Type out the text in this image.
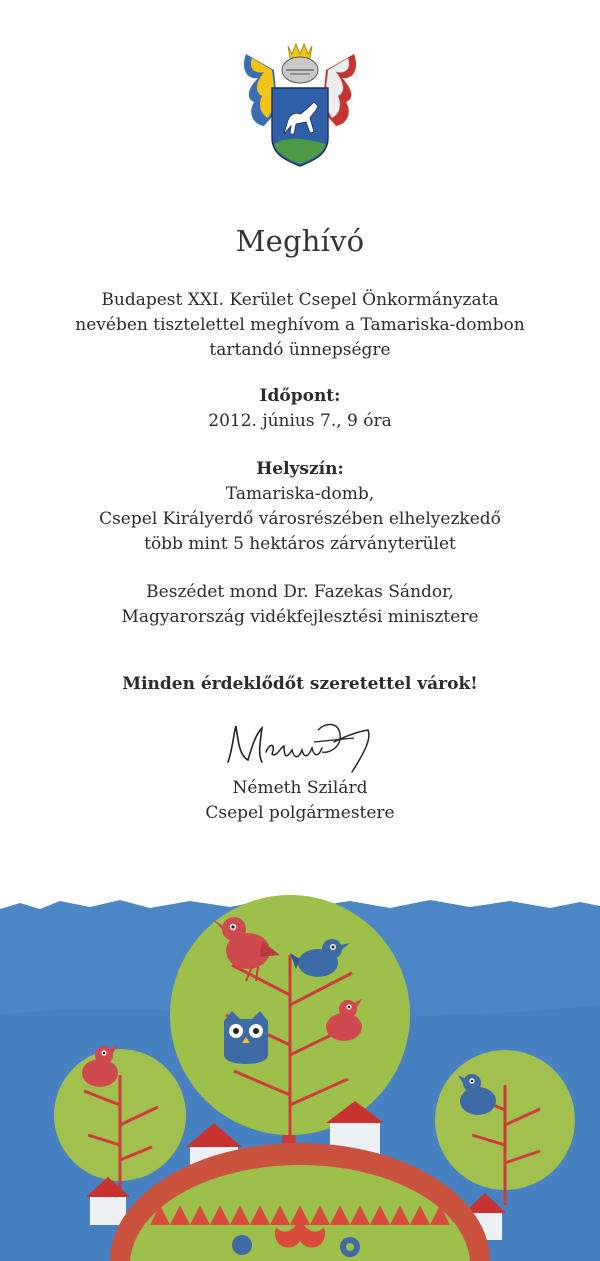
Meghívó
Budapest XXI. Kerület Csepel Önkormányzata
nevében tisztelettel meghívom a Tamariska-dombon
tartandó ünnepségre
Időpont:
2012. június 7., 9 óra
Helyszín:
Tamariska-domb,
Csepel Királyerdő városrészében elhelyezkedő
több mint 5 hektáros zárványterület
Beszédet mond Dr. Fazekas Sándor,
Magyarország vidékfejlesztési minisztere
Minden érdeklődőt szeretettel várok!
Németh Szilárd
Csepel polgármestere
